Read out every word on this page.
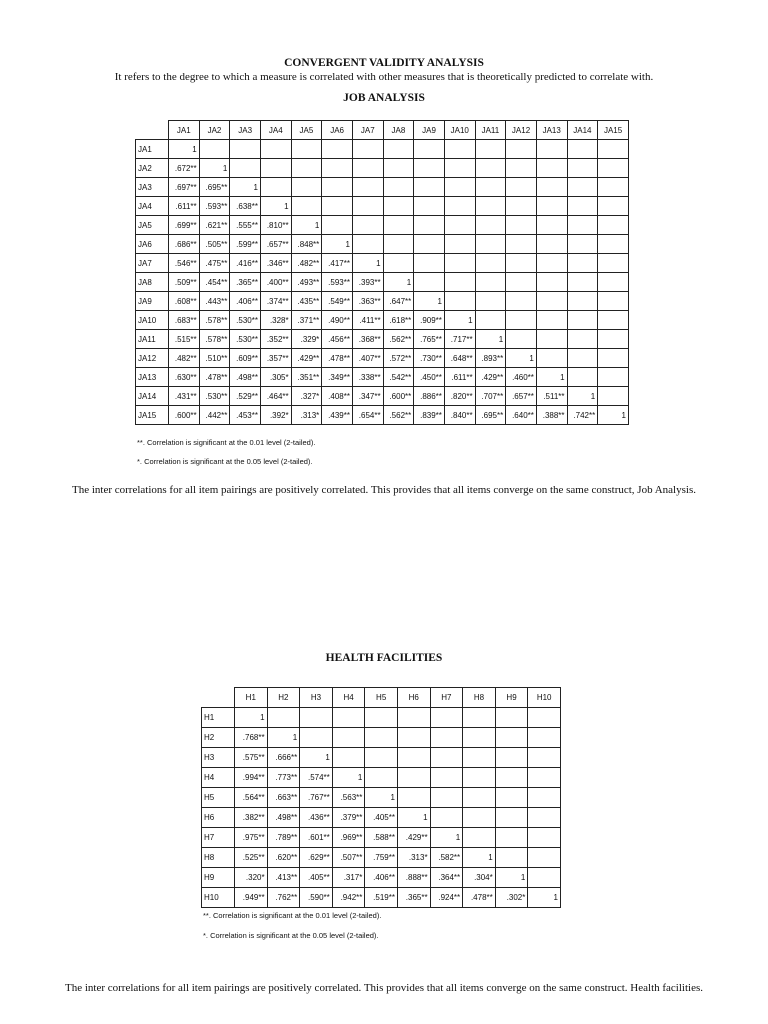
CONVERGENT VALIDITY ANALYSIS
It refers to the degree to which a measure is correlated with other measures that is theoretically predicted to correlate with.
JOB ANALYSIS
	JA1	JA2	JA3	JA4	JA5	JA6	JA7	JA8	JA9	JA10	JA11	JA12	JA13	JA14	JA15
JA1	1														
JA2	.672**	1													
JA3	.697**	.695**	1												
JA4	.611**	.593**	.638**	1											
JA5	.699**	.621**	.555**	.810**	1										
JA6	.686**	.505**	.599**	.657**	.848**	1									
JA7	.546**	.475**	.416**	.346**	.482**	.417**	1								
JA8	.509**	.454**	.365**	.400**	.493**	.593**	.393**	1							
JA9	.608**	.443**	.406**	.374**	.435**	.549**	.363**	.647**	1						
JA10	.683**	.578**	.530**	.328*	.371**	.490**	.411**	.618**	.909**	1					
JA11	.515**	.578**	.530**	.352**	.329*	.456**	.368**	.562**	.765**	.717**	1				
JA12	.482**	.510**	.609**	.357**	.429**	.478**	.407**	.572**	.730**	.648**	.893**	1			
JA13	.630**	.478**	.498**	.305*	.351**	.349**	.338**	.542**	.450**	.611**	.429**	.460**	1		
JA14	.431**	.530**	.529**	.464**	.327*	.408**	.347**	.600**	.886**	.820**	.707**	.657**	.511**	1	
JA15	.600**	.442**	.453**	.392*	.313*	.439**	.654**	.562**	.839**	.840**	.695**	.640**	.388**	.742**	1
**. Correlation is significant at the 0.01 level (2-tailed).
*. Correlation is significant at the 0.05 level (2-tailed).
The inter correlations for all item pairings are positively correlated. This provides that all items converge on the same construct, Job Analysis.
HEALTH FACILITIES
	H1	H2	H3	H4	H5	H6	H7	H8	H9	H10
H1	1									
H2	.768**	1								
H3	.575**	.666**	1							
H4	.994**	.773**	.574**	1						
H5	.564**	.663**	.767**	.563**	1					
H6	.382**	.498**	.436**	.379**	.405**	1				
H7	.975**	.789**	.601**	.969**	.588**	.429**	1			
H8	.525**	.620**	.629**	.507**	.759**	.313*	.582**	1		
H9	.320*	.413**	.405**	.317*	.406**	.888**	.364**	.304*	1	
H10	.949**	.762**	.590**	.942**	.519**	.365**	.924**	.478**	.302*	1
**. Correlation is significant at the 0.01 level (2-tailed).
*. Correlation is significant at the 0.05 level (2-tailed).
The inter correlations for all item pairings are positively correlated. This provides that all items converge on the same construct. Health facilities.
